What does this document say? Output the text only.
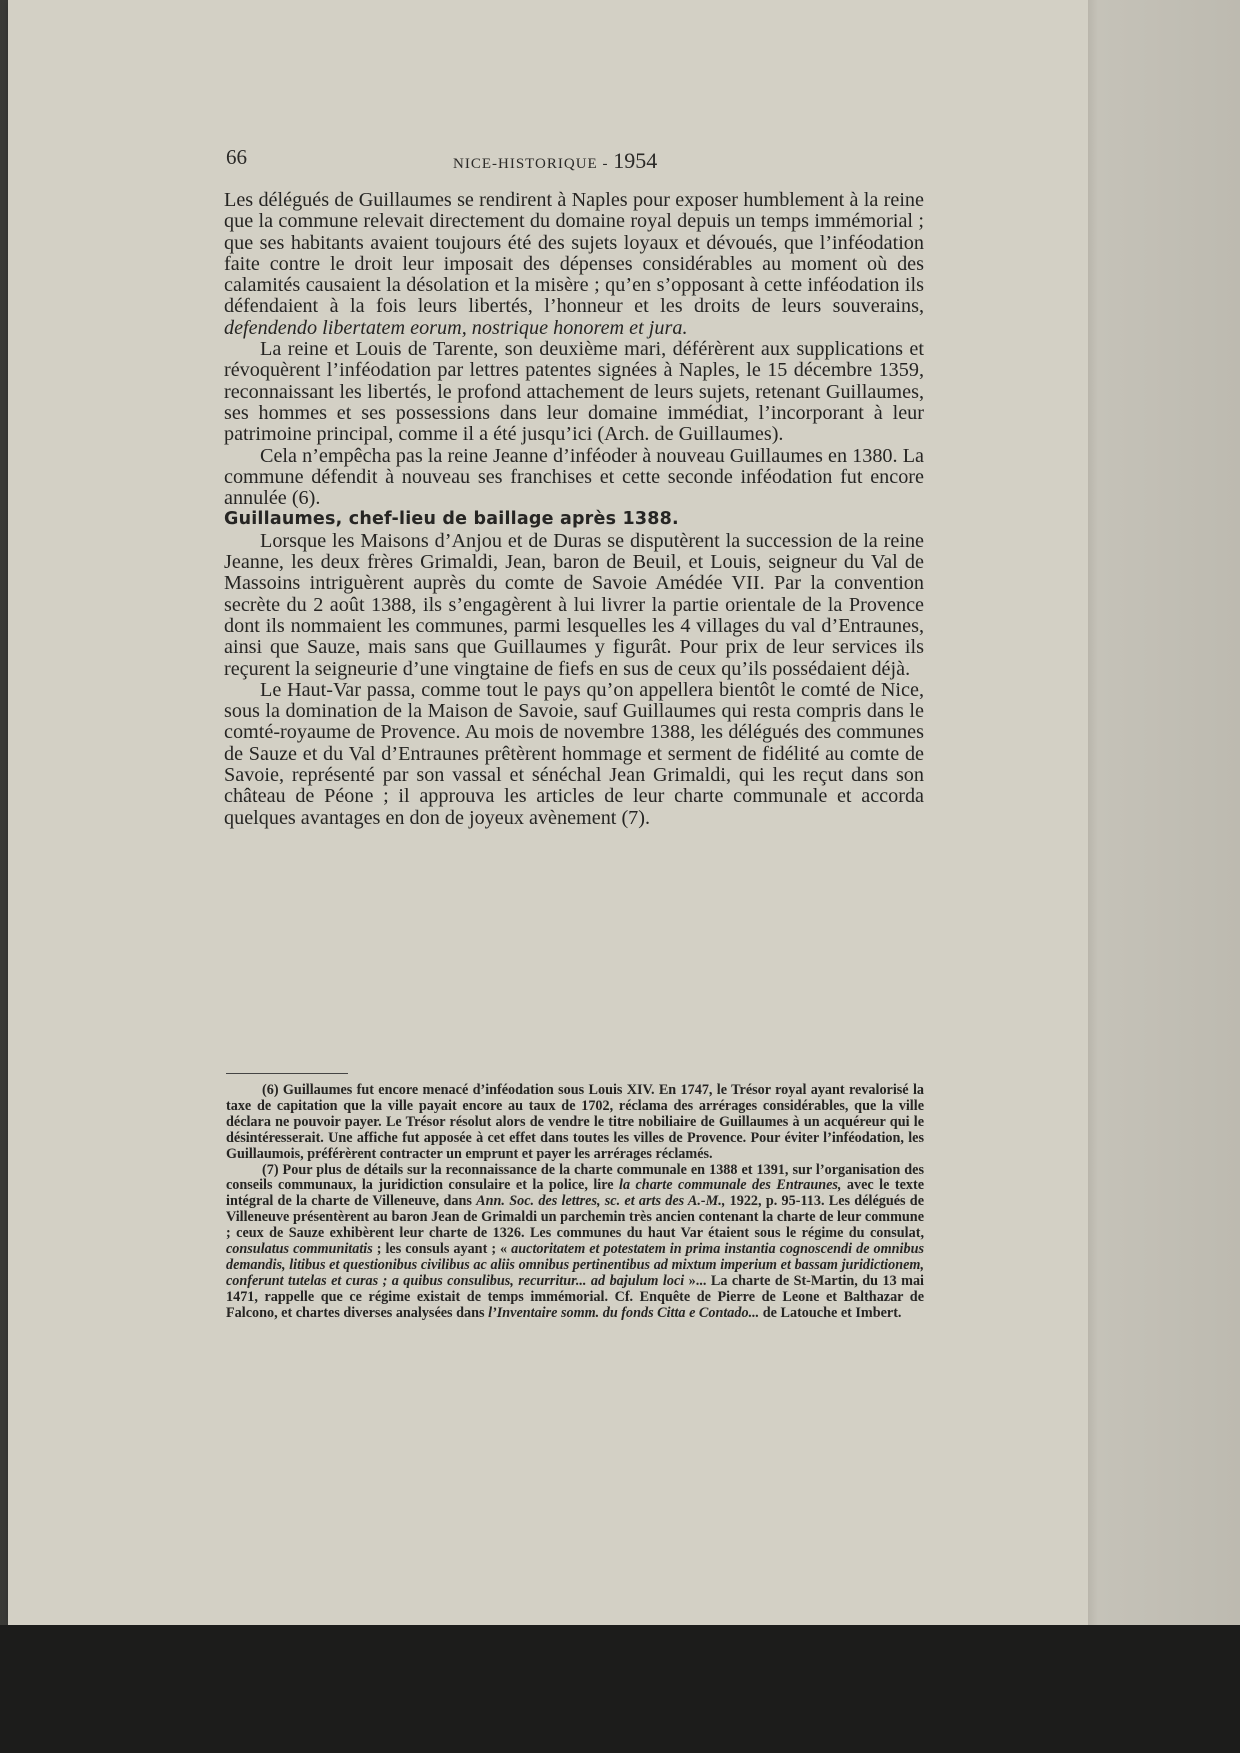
66	NICE-HISTORIQUE - 1954

Les délégués de Guillaumes se rendirent à Naples pour exposer humblement à la reine que la commune relevait directement du domaine royal depuis un temps immémorial ; que ses habitants avaient toujours été des sujets loyaux et dévoués, que l’inféodation faite contre le droit leur imposait des dépenses considérables au moment où des calamités causaient la désolation et la misère ; qu’en s’opposant à cette inféodation ils défendaient à la fois leurs libertés, l’honneur et les droits de leurs souverains, defendendo libertatem eorum, nostrique honorem et jura.

La reine et Louis de Tarente, son deuxième mari, déférèrent aux supplications et révoquèrent l’inféodation par lettres patentes signées à Naples, le 15 décembre 1359, reconnaissant les libertés, le profond attachement de leurs sujets, retenant Guillaumes, ses hommes et ses possessions dans leur domaine immédiat, l’incorporant à leur patrimoine principal, comme il a été jusqu’ici (Arch. de Guillaumes).

Cela n’empêcha pas la reine Jeanne d’inféoder à nouveau Guillaumes en 1380. La commune défendit à nouveau ses franchises et cette seconde inféodation fut encore annulée (6).

Guillaumes, chef-lieu de baillage après 1388.

Lorsque les Maisons d’Anjou et de Duras se disputèrent la succession de la reine Jeanne, les deux frères Grimaldi, Jean, baron de Beuil, et Louis, seigneur du Val de Massoins intriguèrent auprès du comte de Savoie Amédée VII. Par la convention secrète du 2 août 1388, ils s’engagèrent à lui livrer la partie orientale de la Provence dont ils nommaient les communes, parmi lesquelles les 4 villages du val d’Entraunes, ainsi que Sauze, mais sans que Guillaumes y figurât. Pour prix de leur services ils reçurent la seigneurie d’une vingtaine de fiefs en sus de ceux qu’ils possédaient déjà.

Le Haut-Var passa, comme tout le pays qu’on appellera bientôt le comté de Nice, sous la domination de la Maison de Savoie, sauf Guillaumes qui resta compris dans le comté-royaume de Provence. Au mois de novembre 1388, les délégués des communes de Sauze et du Val d’Entraunes prêtèrent hommage et serment de fidélité au comte de Savoie, représenté par son vassal et sénéchal Jean Grimaldi, qui les reçut dans son château de Péone ; il approuva les articles de leur charte communale et accorda quelques avantages en don de joyeux avènement (7).

(6) Guillaumes fut encore menacé d’inféodation sous Louis XIV. En 1747, le Trésor royal ayant revalorisé la taxe de capitation que la ville payait encore au taux de 1702, réclama des arrérages considérables, que la ville déclara ne pouvoir payer. Le Trésor résolut alors de vendre le titre nobiliaire de Guillaumes à un acquéreur qui le désintéresserait. Une affiche fut apposée à cet effet dans toutes les villes de Provence. Pour éviter l’inféodation, les Guillaumois, préférèrent contracter un emprunt et payer les arrérages réclamés.

(7) Pour plus de détails sur la reconnaissance de la charte communale en 1388 et 1391, sur l’organisation des conseils communaux, la juridiction consulaire et la police, lire la charte communale des Entraunes, avec le texte intégral de la charte de Villeneuve, dans Ann. Soc. des lettres, sc. et arts des A.-M., 1922, p. 95-113. Les délégués de Villeneuve présentèrent au baron Jean de Grimaldi un parchemin très ancien contenant la charte de leur commune ; ceux de Sauze exhibèrent leur charte de 1326. Les communes du haut Var étaient sous le régime du consulat, consulatus communitatis ; les consuls ayant ; « auctoritatem et potestatem in prima instantia cognoscendi de omnibus demandis, litibus et questionibus civilibus ac aliis omnibus pertinentibus ad mixtum imperium et bassam juridictionem, conferunt tutelas et curas ; a quibus consulibus, recurritur... ad bajulum loci »... La charte de St-Martin, du 13 mai 1471, rappelle que ce régime existait de temps immémorial. Cf. Enquête de Pierre de Leone et Balthazar de Falcono, et chartes diverses analysées dans l’Inventaire somm. du fonds Citta e Contado... de Latouche et Imbert.
